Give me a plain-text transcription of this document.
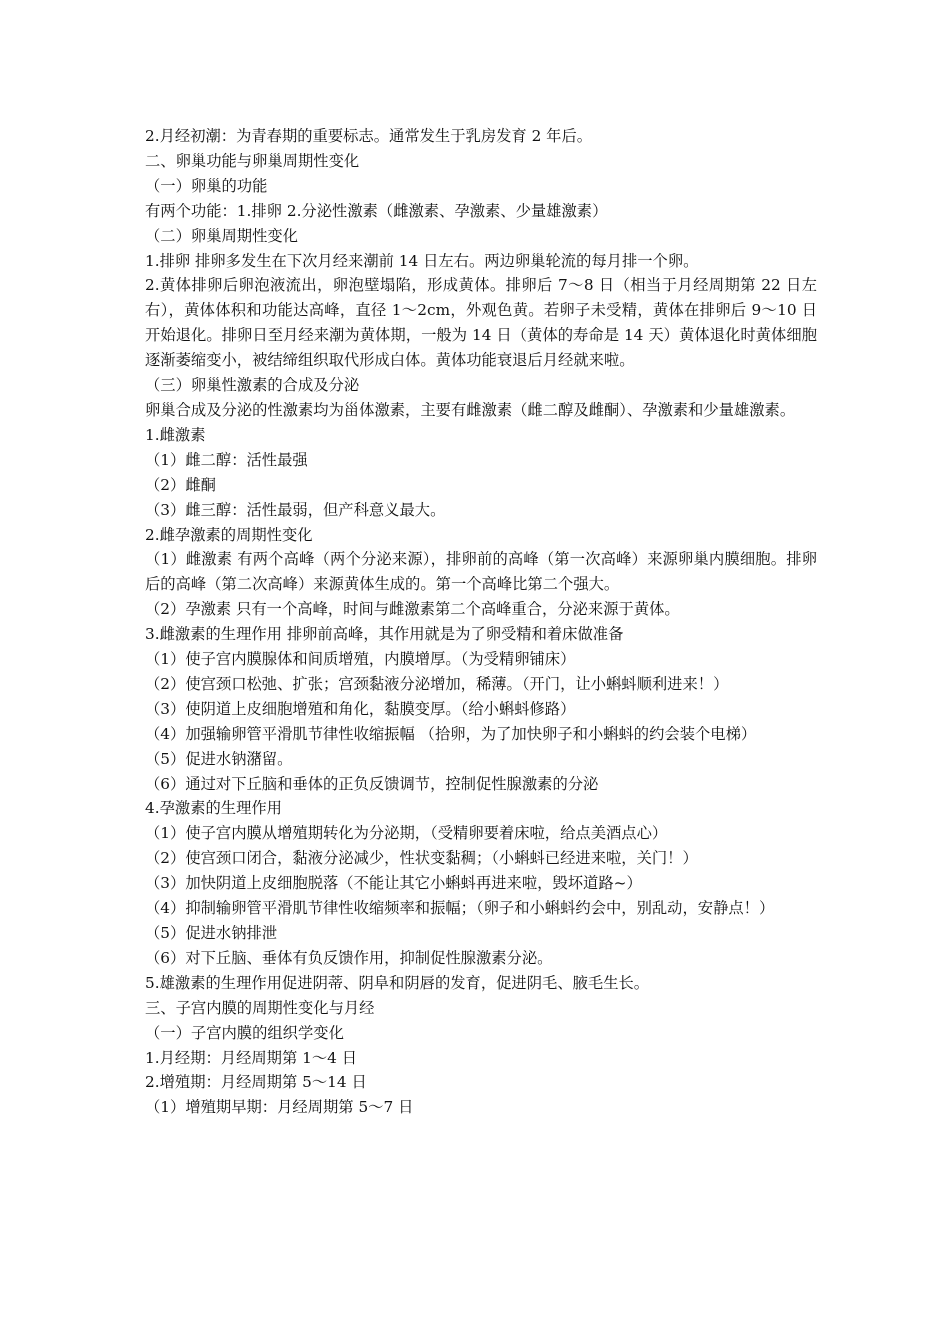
2.月经初潮：为青春期的重要标志。通常发生于乳房发育 2 年后。

二、卵巢功能与卵巢周期性变化

（一）卵巢的功能

有两个功能：1.排卵 2.分泌性激素（雌激素、孕激素、少量雄激素）

（二）卵巢周期性变化

1.排卵 排卵多发生在下次月经来潮前 14 日左右。两边卵巢轮流的每月排一个卵。

2.黄体排卵后卵泡液流出，卵泡壁塌陷，形成黄体。排卵后 7～8 日（相当于月经周期第 22 日左右），黄体体积和功能达高峰，直径 1～2cm，外观色黄。若卵子未受精，黄体在排卵后 9～10 日开始退化。排卵日至月经来潮为黄体期，一般为 14 日（黄体的寿命是 14 天）黄体退化时黄体细胞逐渐萎缩变小，被结缔组织取代形成白体。黄体功能衰退后月经就来啦。

（三）卵巢性激素的合成及分泌

卵巢合成及分泌的性激素均为甾体激素，主要有雌激素（雌二醇及雌酮）、孕激素和少量雄激素。

1.雌激素

（1）雌二醇：活性最强

（2）雌酮

（3）雌三醇：活性最弱，但产科意义最大。

2.雌孕激素的周期性变化

（1）雌激素 有两个高峰（两个分泌来源），排卵前的高峰（第一次高峰）来源卵巢内膜细胞。排卵后的高峰（第二次高峰）来源黄体生成的。第一个高峰比第二个强大。

（2）孕激素 只有一个高峰，时间与雌激素第二个高峰重合，分泌来源于黄体。

3.雌激素的生理作用 排卵前高峰，其作用就是为了卵受精和着床做准备

（1）使子宫内膜腺体和间质增殖，内膜增厚。（为受精卵铺床）

（2）使宫颈口松弛、扩张；宫颈黏液分泌增加，稀薄。（开门，让小蝌蚪顺利进来！）

（3）使阴道上皮细胞增殖和角化，黏膜变厚。（给小蝌蚪修路）

（4）加强输卵管平滑肌节律性收缩振幅 （拾卵，为了加快卵子和小蝌蚪的约会装个电梯）

（5）促进水钠潴留。

（6）通过对下丘脑和垂体的正负反馈调节，控制促性腺激素的分泌

4.孕激素的生理作用

（1）使子宫内膜从增殖期转化为分泌期，（受精卵要着床啦，给点美酒点心）

（2）使宫颈口闭合，黏液分泌减少，性状变黏稠；（小蝌蚪已经进来啦，关门！）

（3）加快阴道上皮细胞脱落（不能让其它小蝌蚪再进来啦，毁坏道路~）

（4）抑制输卵管平滑肌节律性收缩频率和振幅；（卵子和小蝌蚪约会中，别乱动，安静点！）

（5）促进水钠排泄

（6）对下丘脑、垂体有负反馈作用，抑制促性腺激素分泌。

5.雄激素的生理作用促进阴蒂、阴阜和阴唇的发育，促进阴毛、腋毛生长。

三、子宫内膜的周期性变化与月经

（一）子宫内膜的组织学变化

1.月经期：月经周期第 1～4 日

2.增殖期：月经周期第 5～14 日

（1）增殖期早期：月经周期第 5～7 日
